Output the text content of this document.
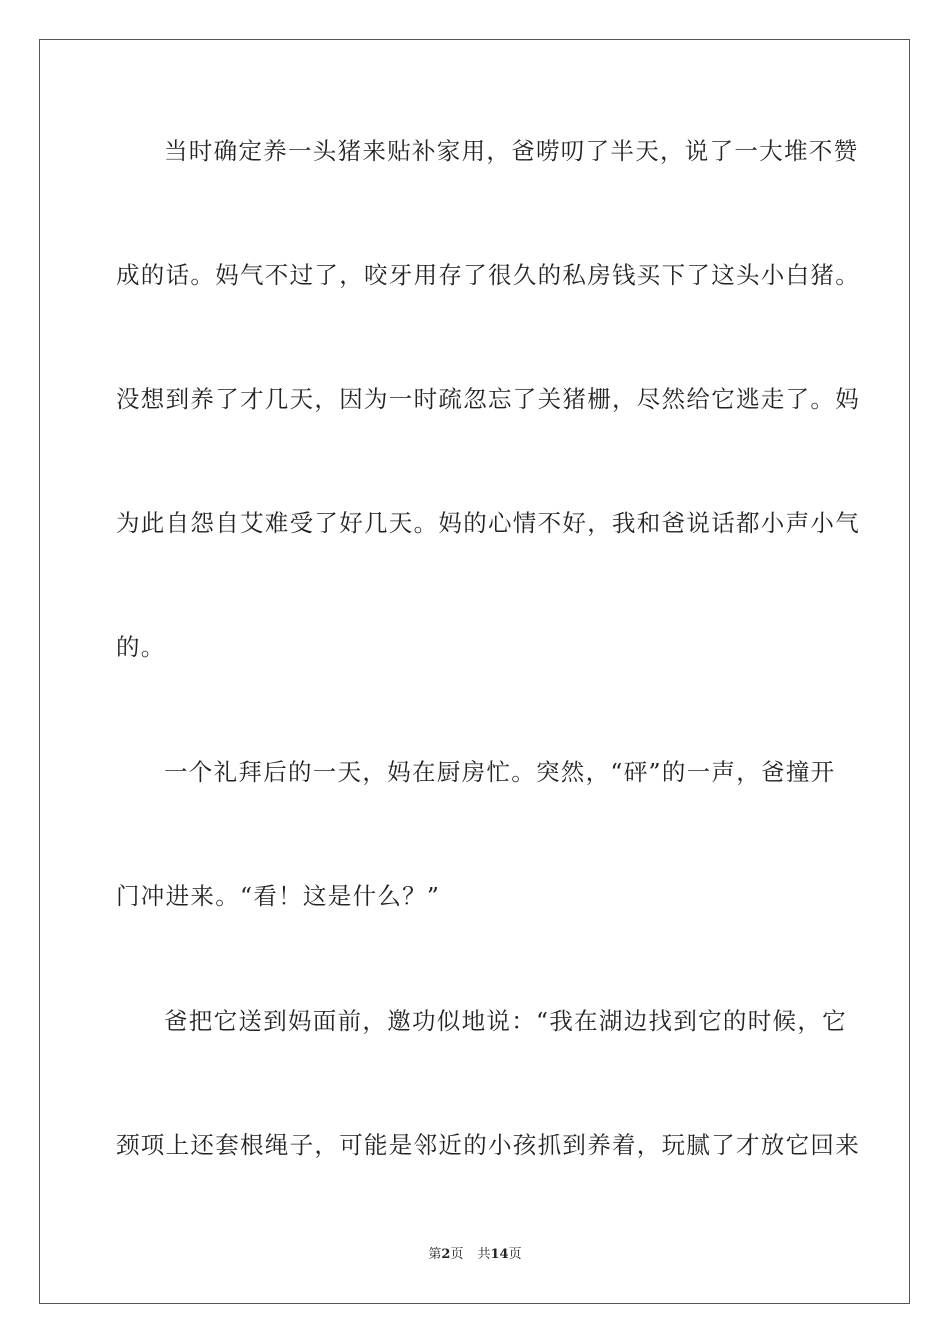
当时确定养一头猪来贴补家用，爸唠叨了半天，说了一大堆不赞
成的话。妈气不过了，咬牙用存了很久的私房钱买下了这头小白猪。
没想到养了才几天，因为一时疏忽忘了关猪栅，尽然给它逃走了。妈
为此自怨自艾难受了好几天。妈的心情不好，我和爸说话都小声小气
的。
一个礼拜后的一天，妈在厨房忙。突然，“砰”的一声，爸撞开
门冲进来。“看！这是什么？”
爸把它送到妈面前，邀功似地说：“我在湖边找到它的时候，它
颈项上还套根绳子，可能是邻近的小孩抓到养着，玩腻了才放它回来
第2页 共14页
